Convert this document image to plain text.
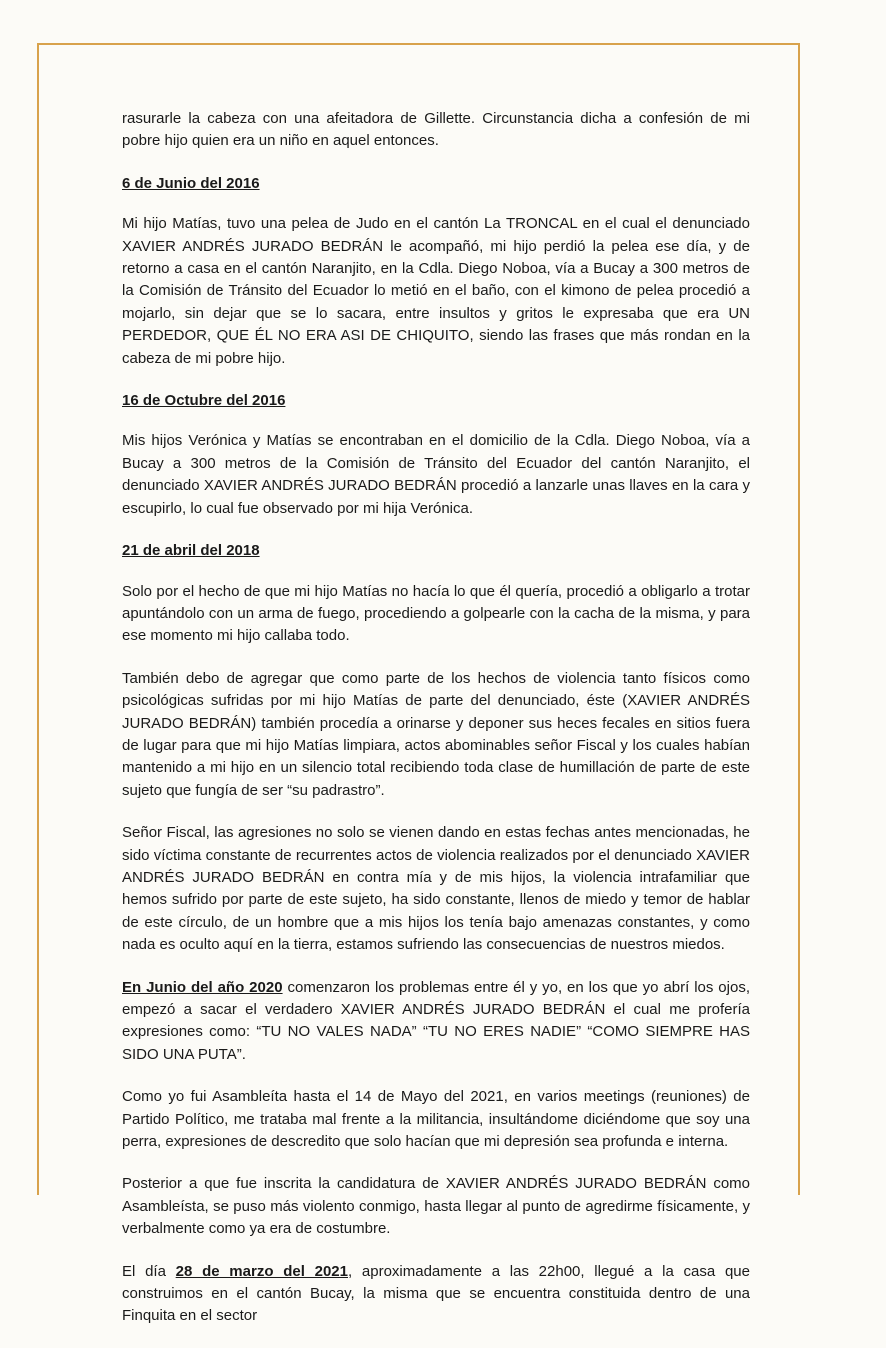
rasurarle la cabeza con una afeitadora de Gillette. Circunstancia dicha a confesión de mi pobre hijo quien era un niño en aquel entonces.

6 de Junio del 2016

Mi hijo Matías, tuvo una pelea de Judo en el cantón La TRONCAL en el cual el denunciado XAVIER ANDRÉS JURADO BEDRÁN le acompañó, mi hijo perdió la pelea ese día, y de retorno a casa en el cantón Naranjito, en la Cdla. Diego Noboa, vía a Bucay a 300 metros de la Comisión de Tránsito del Ecuador lo metió en el baño, con el kimono de pelea procedió a mojarlo, sin dejar que se lo sacara, entre insultos y gritos le expresaba que era UN PERDEDOR, QUE ÉL NO ERA ASI DE CHIQUITO, siendo las frases que más rondan en la cabeza de mi pobre hijo.

16 de Octubre del 2016

Mis hijos Verónica y Matías se encontraban en el domicilio de la Cdla. Diego Noboa, vía a Bucay a 300 metros de la Comisión de Tránsito del Ecuador del cantón Naranjito, el denunciado XAVIER ANDRÉS JURADO BEDRÁN procedió a lanzarle unas llaves en la cara y escupirlo, lo cual fue observado por mi hija Verónica.

21 de abril del 2018

Solo por el hecho de que mi hijo Matías no hacía lo que él quería, procedió a obligarlo a trotar apuntándolo con un arma de fuego, procediendo a golpearle con la cacha de la misma, y para ese momento mi hijo callaba todo.

También debo de agregar que como parte de los hechos de violencia tanto físicos como psicológicas sufridas por mi hijo Matías de parte del denunciado, éste (XAVIER ANDRÉS JURADO BEDRÁN) también procedía a orinarse y deponer sus heces fecales en sitios fuera de lugar para que mi hijo Matías limpiara, actos abominables señor Fiscal y los cuales habían mantenido a mi hijo en un silencio total recibiendo toda clase de humillación de parte de este sujeto que fungía de ser “su padrastro”.

Señor Fiscal, las agresiones no solo se vienen dando en estas fechas antes mencionadas, he sido víctima constante de recurrentes actos de violencia realizados por el denunciado XAVIER ANDRÉS JURADO BEDRÁN en contra mía y de mis hijos, la violencia intrafamiliar que hemos sufrido por parte de este sujeto, ha sido constante, llenos de miedo y temor de hablar de este círculo, de un hombre que a mis hijos los tenía bajo amenazas constantes, y como nada es oculto aquí en la tierra, estamos sufriendo las consecuencias de nuestros miedos.

En Junio del año 2020 comenzaron los problemas entre él y yo, en los que yo abrí los ojos, empezó a sacar el verdadero XAVIER ANDRÉS JURADO BEDRÁN el cual me profería expresiones como: “TU NO VALES NADA” “TU NO ERES NADIE” “COMO SIEMPRE HAS SIDO UNA PUTA”.

Como yo fui Asambleíta hasta el 14 de Mayo del 2021, en varios meetings (reuniones) de Partido Político, me trataba mal frente a la militancia, insultándome diciéndome que soy una perra, expresiones de descredito que solo hacían que mi depresión sea profunda e interna.

Posterior a que fue inscrita la candidatura de XAVIER ANDRÉS JURADO BEDRÁN como Asambleísta, se puso más violento conmigo, hasta llegar al punto de agredirme físicamente, y verbalmente como ya era de costumbre.

El día 28 de marzo del 2021, aproximadamente a las 22h00, llegué a la casa que construimos en el cantón Bucay, la misma que se encuentra constituida dentro de una Finquita en el sector
